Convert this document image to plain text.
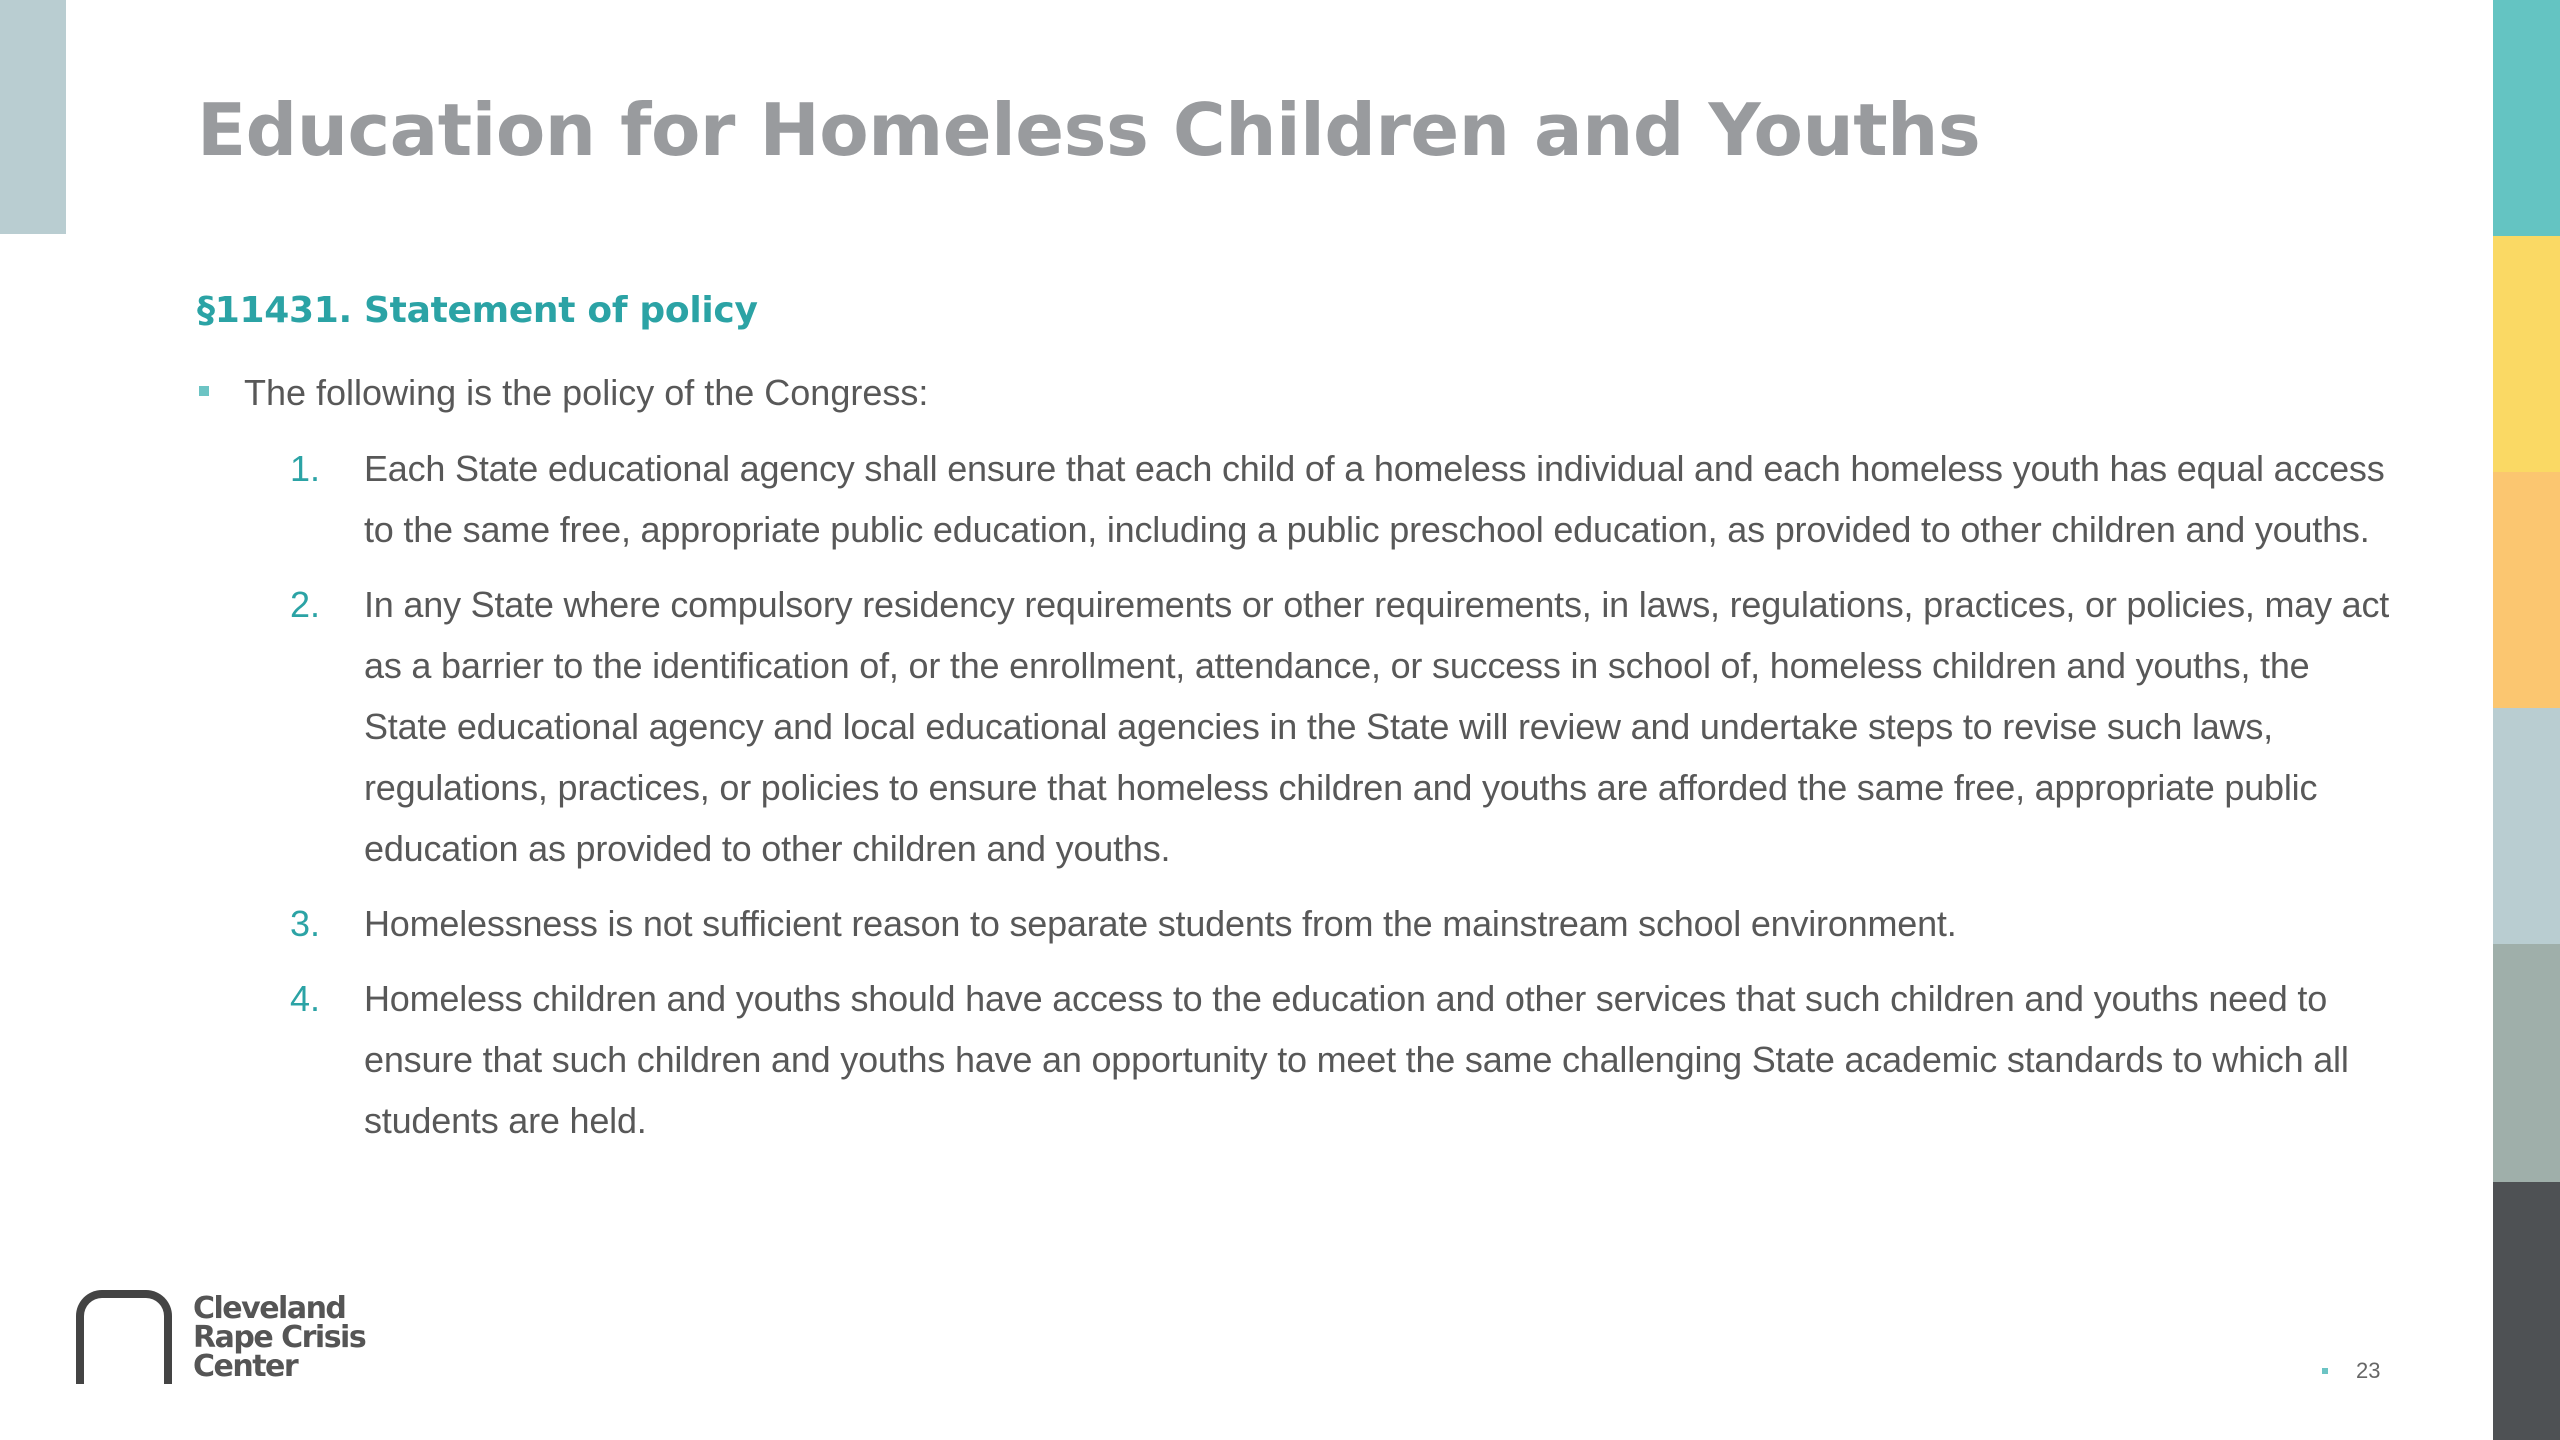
Education for Homeless Children and Youths
§11431. Statement of policy
The following is the policy of the Congress:
1. Each State educational agency shall ensure that each child of a homeless individual and each homeless youth has equal access to the same free, appropriate public education, including a public preschool education, as provided to other children and youths.
2. In any State where compulsory residency requirements or other requirements, in laws, regulations, practices, or policies, may act as a barrier to the identification of, or the enrollment, attendance, or success in school of, homeless children and youths, the State educational agency and local educational agencies in the State will review and undertake steps to revise such laws, regulations, practices, or policies to ensure that homeless children and youths are afforded the same free, appropriate public education as provided to other children and youths.
3. Homelessness is not sufficient reason to separate students from the mainstream school environment.
4. Homeless children and youths should have access to the education and other services that such children and youths need to ensure that such children and youths have an opportunity to meet the same challenging State academic standards to which all students are held.
Cleveland
Rape Crisis
Center	23
